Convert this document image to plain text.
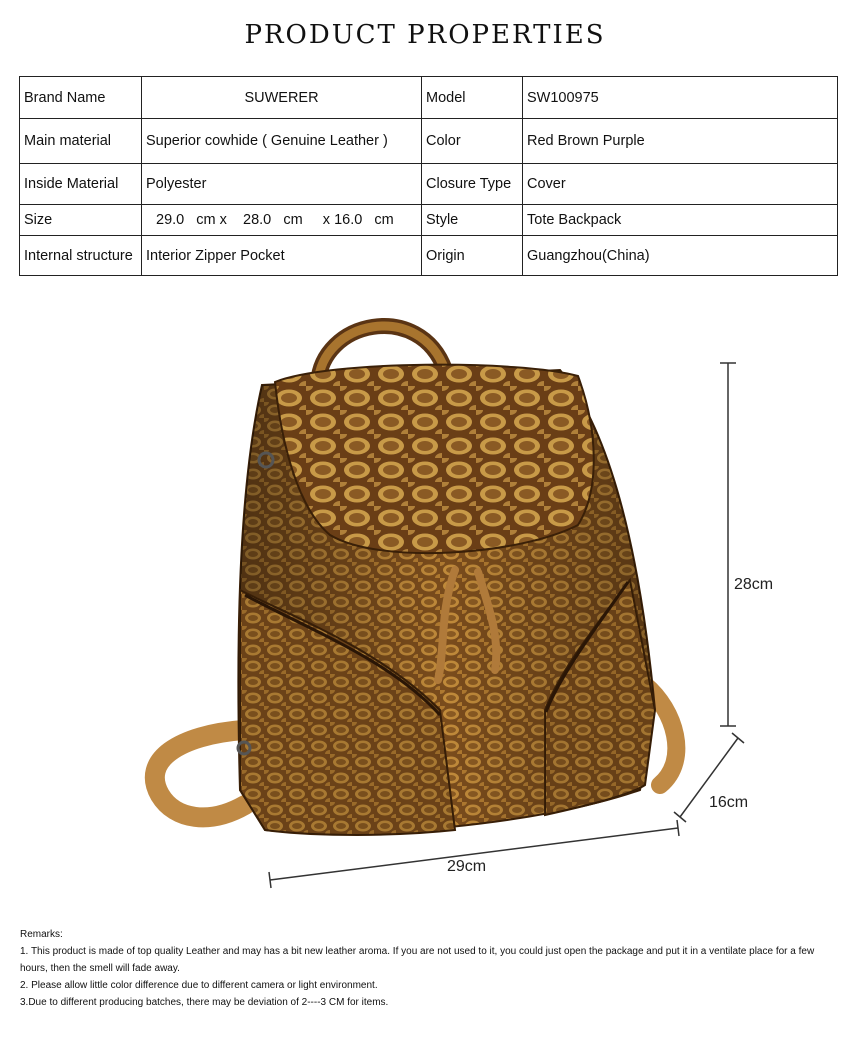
PRODUCT PROPERTIES
Brand Name	SUWERER	Model	SW100975
Main material	Superior cowhide ( Genuine Leather )	Color	Red Brown Purple
Inside Material	Polyester	Closure Type	Cover
Size	29.0   cm x    28.0   cm     x 16.0   cm	Style	Tote Backpack
Internal structure	Interior Zipper Pocket	Origin	Guangzhou(China)
28cm
16cm
29cm

Remarks:

1. This product is made of top quality Leather and may has a bit new leather aroma. If you are not used to it, you could just open the package and put it in a ventilate place for a few hours, then the smell will fade away.

2. Please allow little color difference due to different camera or light environment.

3.Due to different producing batches, there may be deviation of 2----3 CM for items.
